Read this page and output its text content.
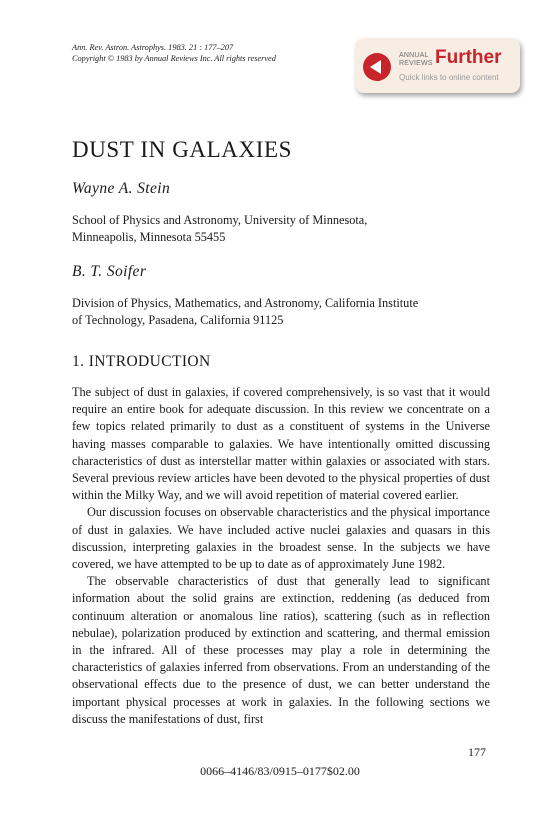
Ann. Rev. Astron. Astrophys. 1983. 21 : 177–207
Copyright © 1983 by Annual Reviews Inc. All rights reserved	ANNUAL
REVIEWS Further
Quick links to online content
DUST IN GALAXIES
Wayne A. Stein
School of Physics and Astronomy, University of Minnesota,
Minneapolis, Minnesota 55455
B. T. Soifer
Division of Physics, Mathematics, and Astronomy, California Institute
of Technology, Pasadena, California 91125
1. INTRODUCTION

The subject of dust in galaxies, if covered comprehensively, is so vast that it would require an entire book for adequate discussion. In this review we concentrate on a few topics related primarily to dust as a constituent of systems in the Universe having masses comparable to galaxies. We have intentionally omitted discussing characteristics of dust as interstellar matter within galaxies or associated with stars. Several previous review articles have been devoted to the physical properties of dust within the Milky Way, and we will avoid repetition of material covered earlier.

Our discussion focuses on observable characteristics and the physical importance of dust in galaxies. We have included active nuclei galaxies and quasars in this discussion, interpreting galaxies in the broadest sense. In the subjects we have covered, we have attempted to be up to date as of approximately June 1982.

The observable characteristics of dust that generally lead to significant information about the solid grains are extinction, reddening (as deduced from continuum alteration or anomalous line ratios), scattering (such as in reflection nebulae), polarization produced by extinction and scattering, and thermal emission in the infrared. All of these processes may play a role in determining the characteristics of galaxies inferred from observations. From an understanding of the observational effects due to the presence of dust, we can better understand the important physical processes at work in galaxies. In the following sections we discuss the manifestations of dust, first

177
0066–4146/83/0915–0177$02.00
